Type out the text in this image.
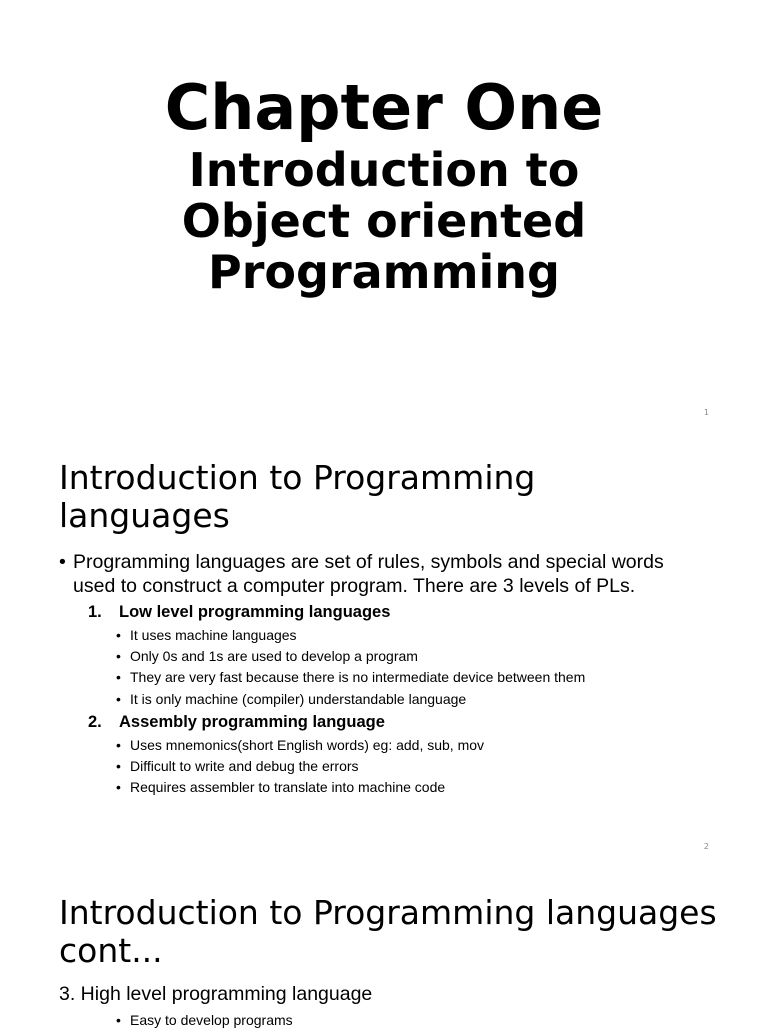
Chapter One
Introduction to
Object oriented
Programming
1
Introduction to Programming
languages
• Programming languages are set of rules, symbols and special words
used to construct a computer program. There are 3 levels of PLs.
1. Low level programming languages
• It uses machine languages
• Only 0s and 1s are used to develop a program
• They are very fast because there is no intermediate device between them
• It is only machine (compiler) understandable language
2. Assembly programming language
• Uses mnemonics(short English words) eg: add, sub, mov
• Difficult to write and debug the errors
• Requires assembler to translate into machine code
2
Introduction to Programming languages
cont...
3. High level programming language
• Easy to develop programs
